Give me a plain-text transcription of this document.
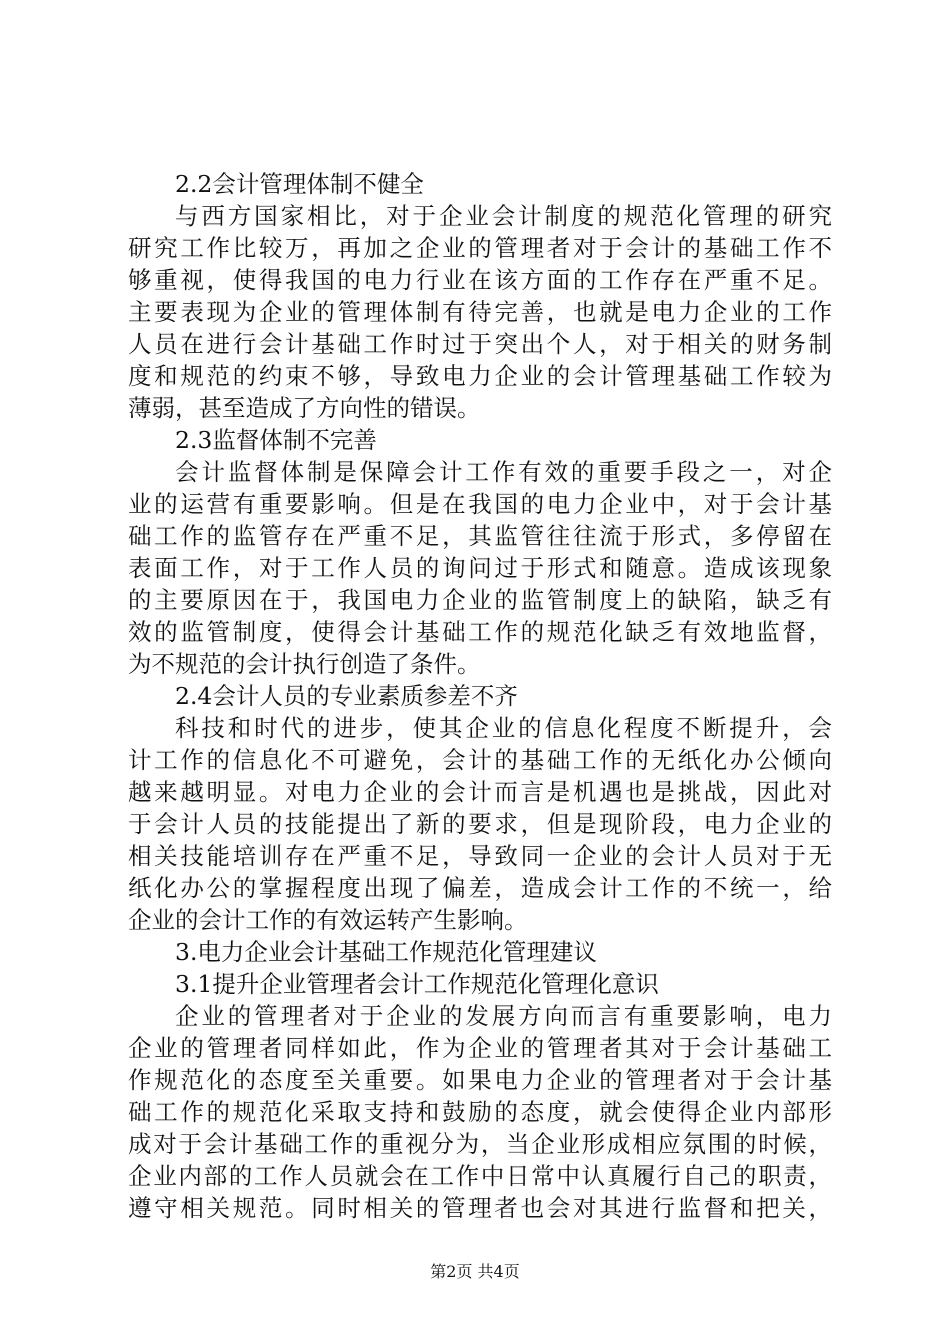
2.2会计管理体制不健全
与西方国家相比，对于企业会计制度的规范化管理的研究
研究工作比较万，再加之企业的管理者对于会计的基础工作不
够重视，使得我国的电力行业在该方面的工作存在严重不足。
主要表现为企业的管理体制有待完善，也就是电力企业的工作
人员在进行会计基础工作时过于突出个人，对于相关的财务制
度和规范的约束不够，导致电力企业的会计管理基础工作较为
薄弱，甚至造成了方向性的错误。
2.3监督体制不完善
会计监督体制是保障会计工作有效的重要手段之一，对企
业的运营有重要影响。但是在我国的电力企业中，对于会计基
础工作的监管存在严重不足，其监管往往流于形式，多停留在
表面工作，对于工作人员的询问过于形式和随意。造成该现象
的主要原因在于，我国电力企业的监管制度上的缺陷，缺乏有
效的监管制度，使得会计基础工作的规范化缺乏有效地监督，
为不规范的会计执行创造了条件。
2.4会计人员的专业素质参差不齐
科技和时代的进步，使其企业的信息化程度不断提升，会
计工作的信息化不可避免，会计的基础工作的无纸化办公倾向
越来越明显。对电力企业的会计而言是机遇也是挑战，因此对
于会计人员的技能提出了新的要求，但是现阶段，电力企业的
相关技能培训存在严重不足，导致同一企业的会计人员对于无
纸化办公的掌握程度出现了偏差，造成会计工作的不统一，给
企业的会计工作的有效运转产生影响。
3.电力企业会计基础工作规范化管理建议
3.1提升企业管理者会计工作规范化管理化意识
企业的管理者对于企业的发展方向而言有重要影响，电力
企业的管理者同样如此，作为企业的管理者其对于会计基础工
作规范化的态度至关重要。如果电力企业的管理者对于会计基
础工作的规范化采取支持和鼓励的态度，就会使得企业内部形
成对于会计基础工作的重视分为，当企业形成相应氛围的时候，
企业内部的工作人员就会在工作中日常中认真履行自己的职责，
遵守相关规范。同时相关的管理者也会对其进行监督和把关，
第2页 共4页
